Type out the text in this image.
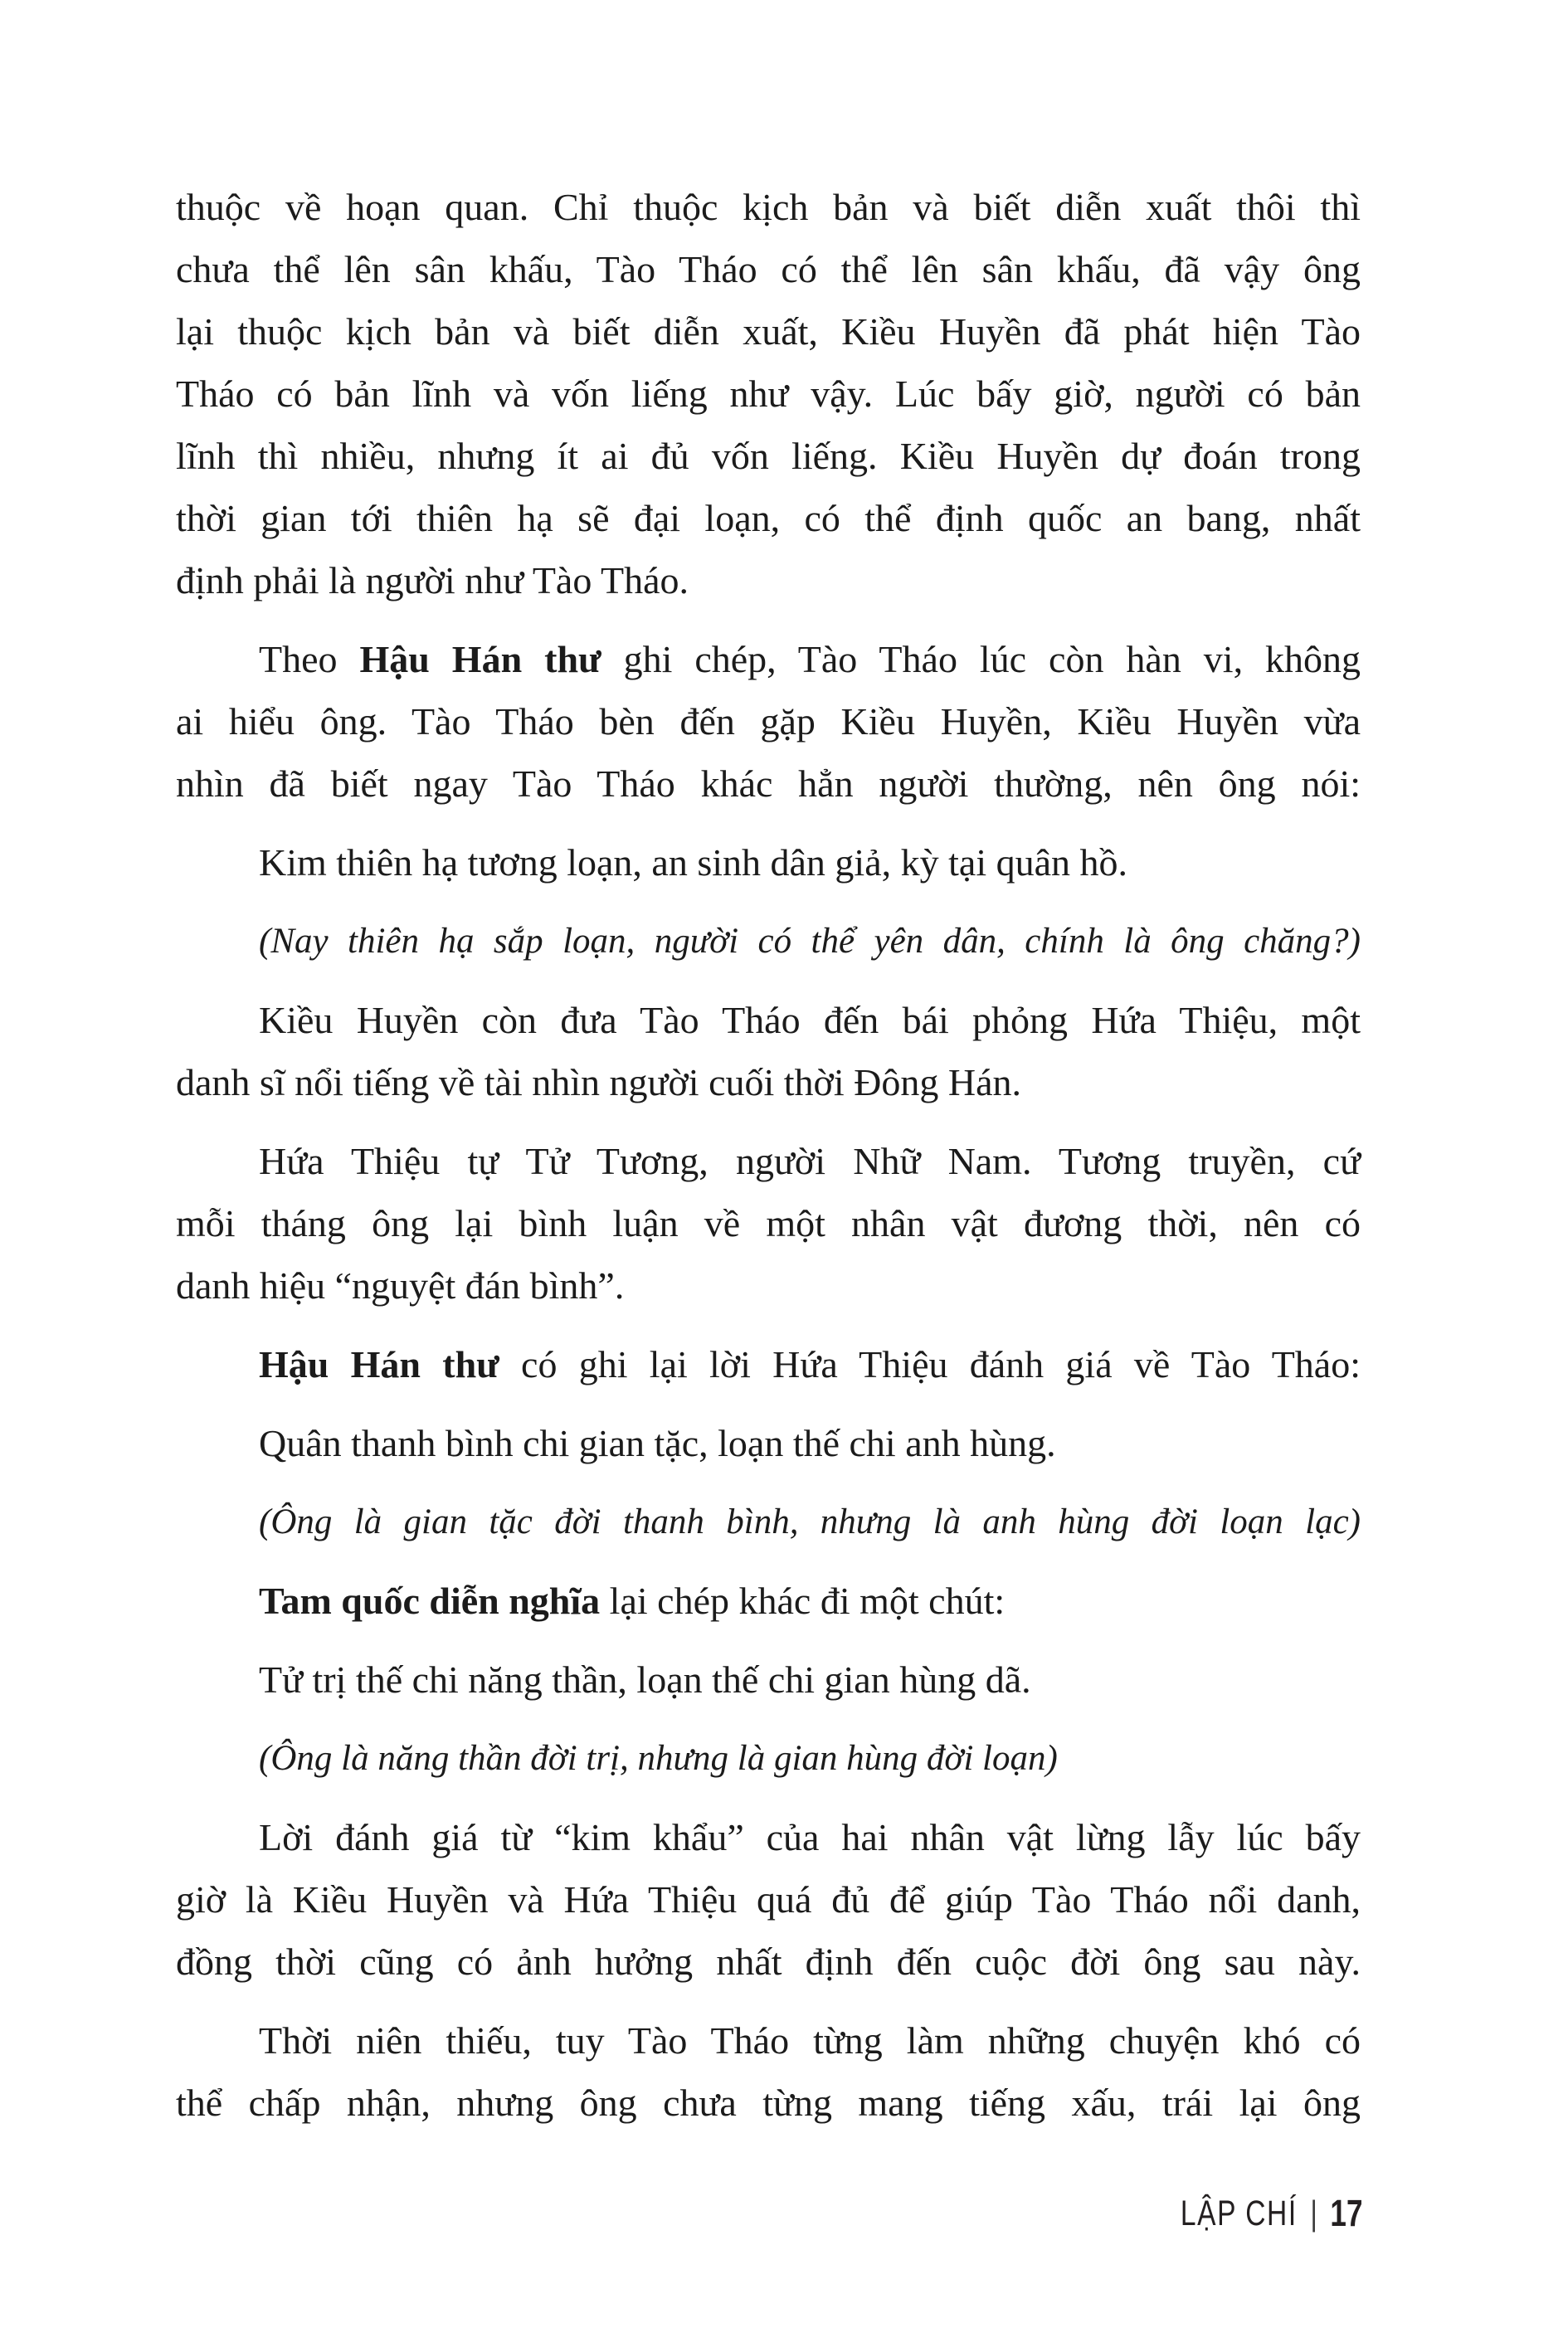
thuộc về hoạn quan. Chỉ thuộc kịch bản và biết diễn xuất thôi thì
chưa thể lên sân khấu, Tào Tháo có thể lên sân khấu, đã vậy ông
lại thuộc kịch bản và biết diễn xuất, Kiều Huyền đã phát hiện Tào
Tháo có bản lĩnh và vốn liếng như vậy. Lúc bấy giờ, người có bản
lĩnh thì nhiều, nhưng ít ai đủ vốn liếng. Kiều Huyền dự đoán trong
thời gian tới thiên hạ sẽ đại loạn, có thể định quốc an bang, nhất
định phải là người như Tào Tháo.
Theo Hậu Hán thư ghi chép, Tào Tháo lúc còn hàn vi, không
ai hiểu ông. Tào Tháo bèn đến gặp Kiều Huyền, Kiều Huyền vừa
nhìn đã biết ngay Tào Tháo khác hẳn người thường, nên ông nói:
Kim thiên hạ tương loạn, an sinh dân giả, kỳ tại quân hồ.
(Nay thiên hạ sắp loạn, người có thể yên dân, chính là ông chăng?)
Kiều Huyền còn đưa Tào Tháo đến bái phỏng Hứa Thiệu, một
danh sĩ nổi tiếng về tài nhìn người cuối thời Đông Hán.
Hứa Thiệu tự Tử Tương, người Nhữ Nam. Tương truyền, cứ
mỗi tháng ông lại bình luận về một nhân vật đương thời, nên có
danh hiệu “nguyệt đán bình”.
Hậu Hán thư có ghi lại lời Hứa Thiệu đánh giá về Tào Tháo:
Quân thanh bình chi gian tặc, loạn thế chi anh hùng.
(Ông là gian tặc đời thanh bình, nhưng là anh hùng đời loạn lạc)
Tam quốc diễn nghĩa lại chép khác đi một chút:
Tử trị thế chi năng thần, loạn thế chi gian hùng dã.
(Ông là năng thần đời trị, nhưng là gian hùng đời loạn)
Lời đánh giá từ “kim khẩu” của hai nhân vật lừng lẫy lúc bấy
giờ là Kiều Huyền và Hứa Thiệu quá đủ để giúp Tào Tháo nổi danh,
đồng thời cũng có ảnh hưởng nhất định đến cuộc đời ông sau này.
Thời niên thiếu, tuy Tào Tháo từng làm những chuyện khó có
thể chấp nhận, nhưng ông chưa từng mang tiếng xấu, trái lại ông
LẬP CHÍ | 17
